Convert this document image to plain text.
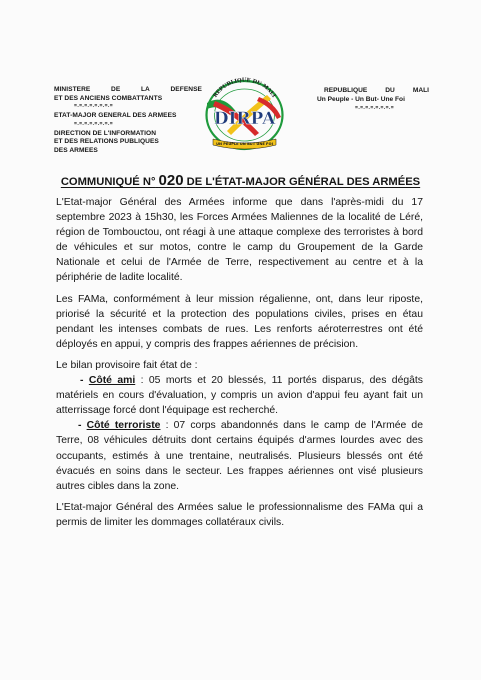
MINISTERE	DE	LA	DEFENSE
ET DES ANCIENS COMBATTANTS
=.=.=.=.=.=.=.=
ETAT-MAJOR GENERAL DES ARMEES
=.=.=.=.=.=.=.=
DIRECTION DE L'INFORMATION
ET DES RELATIONS PUBLIQUES
DES ARMEES
REPUBLIQUE DU MALI
DIRPA
UN PEUPLE UN BUT UNE FOI
REPUBLIQUE	DU	MALI
Un Peuple - Un But- Une Foi
=.=.=.=.=.=.=.=
COMMUNIQUÉ N° 020 DE L'ÉTAT-MAJOR GÉNÉRAL DES ARMÉES

L'Etat-major Général des Armées informe que dans l'après-midi du 17 septembre 2023 à 15h30, les Forces Armées Maliennes de la localité de Léré, région de Tombouctou, ont réagi à une attaque complexe des terroristes à bord de véhicules et sur motos, contre le camp du Groupement de la Garde Nationale et celui de l'Armée de Terre, respectivement au centre et à la périphérie de ladite localité.

Les FAMa, conformément à leur mission régalienne, ont, dans leur riposte, priorisé la sécurité et la protection des populations civiles, prises en étau pendant les intenses combats de rues. Les renforts aéroterrestres ont été déployés en appui, y compris des frappes aériennes de précision.

Le bilan provisoire fait état de :

- Côté ami : 05 morts et 20 blessés, 11 portés disparus, des dégâts matériels en cours d'évaluation, y compris un avion d'appui feu ayant fait un atterrissage forcé dont l'équipage est recherché.

- Côté terroriste : 07 corps abandonnés dans le camp de l'Armée de Terre, 08 véhicules détruits dont certains équipés d'armes lourdes avec des occupants, estimés à une trentaine, neutralisés. Plusieurs blessés ont été évacués en soins dans le secteur. Les frappes aériennes ont visé plusieurs autres cibles dans la zone.

L'Etat-major Général des Armées salue le professionnalisme des FAMa qui a permis de limiter les dommages collatéraux civils.
